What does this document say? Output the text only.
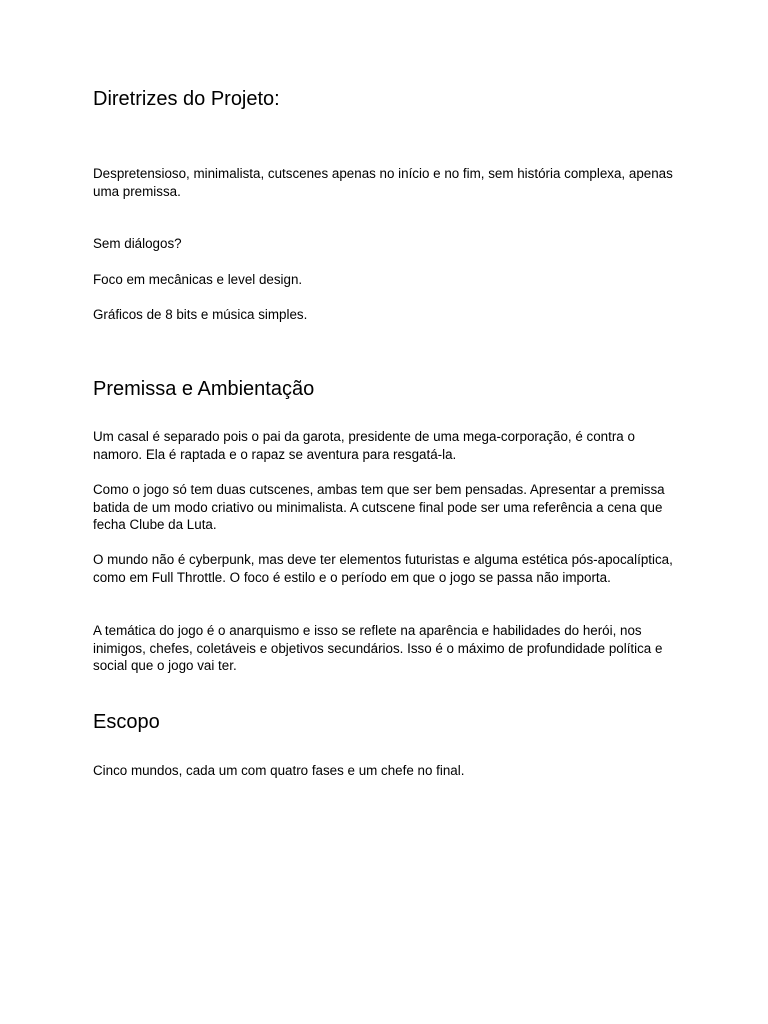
Diretrizes do Projeto:

Despretensioso, minimalista, cutscenes apenas no início e no fim, sem história complexa, apenas uma premissa.

Sem diálogos?

Foco em mecânicas e level design.

Gráficos de 8 bits e música simples.

Premissa e Ambientação

Um casal é separado pois o pai da garota, presidente de uma mega-corporação, é contra o namoro. Ela é raptada e o rapaz se aventura para resgatá-la.

Como o jogo só tem duas cutscenes, ambas tem que ser bem pensadas. Apresentar a premissa batida de um modo criativo ou minimalista. A cutscene final pode ser uma referência a cena que fecha Clube da Luta.

O mundo não é cyberpunk, mas deve ter elementos futuristas e alguma estética pós-apocalíptica, como em Full Throttle. O foco é estilo e o período em que o jogo se passa não importa.

A temática do jogo é o anarquismo e isso se reflete na aparência e habilidades do herói, nos inimigos, chefes, coletáveis e objetivos secundários. Isso é o máximo de profundidade política e social que o jogo vai ter.

Escopo

Cinco mundos, cada um com quatro fases e um chefe no final.
